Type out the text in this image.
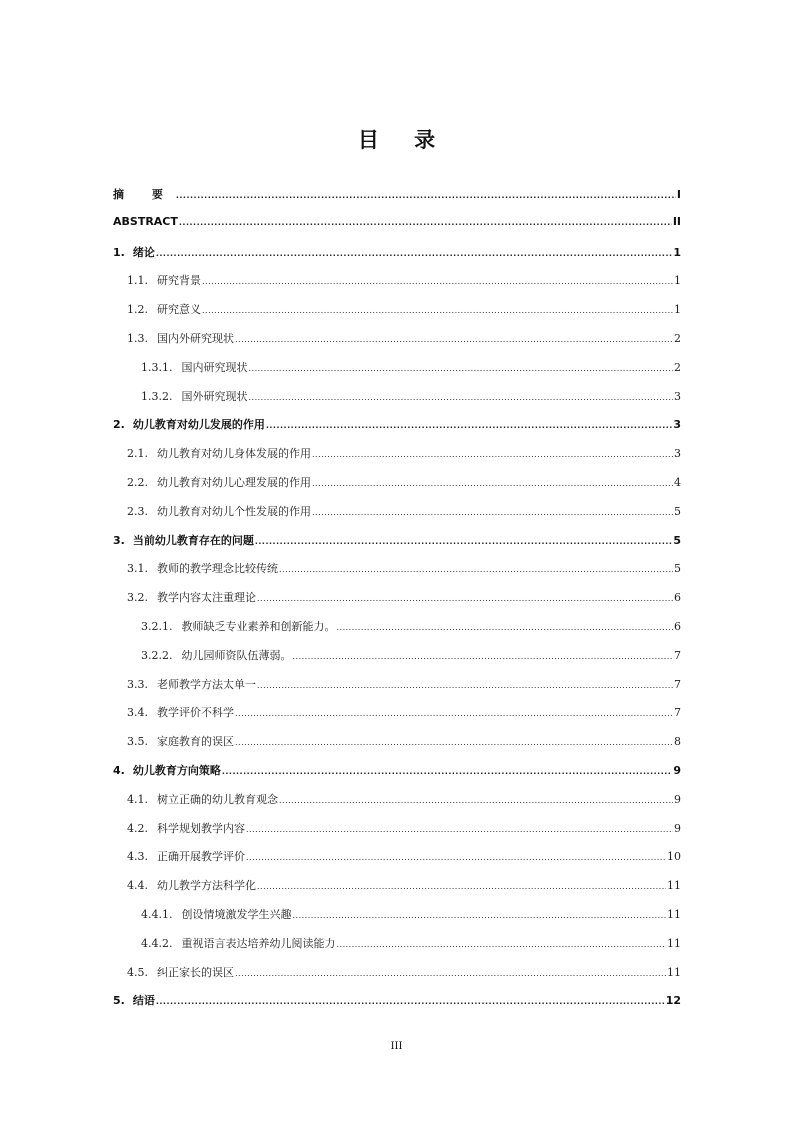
目 录
摘 要 .....	I
ABSTRACT .....	II
1. 绪论 .....	1
1.1. 研究背景 .....	1
1.2. 研究意义 .....	1
1.3. 国内外研究现状 .....	2
1.3.1. 国内研究现状 .....	2
1.3.2. 国外研究现状 .....	3
2. 幼儿教育对幼儿发展的作用 .....	3
2.1. 幼儿教育对幼儿身体发展的作用 .....	3
2.2. 幼儿教育对幼儿心理发展的作用 .....	4
2.3. 幼儿教育对幼儿个性发展的作用 .....	5
3. 当前幼儿教育存在的问题 .....	5
3.1. 教师的教学理念比较传统 .....	5
3.2. 教学内容太注重理论 .....	6
3.2.1. 教师缺乏专业素养和创新能力。 .....	6
3.2.2. 幼儿园师资队伍薄弱。 .....	7
3.3. 老师教学方法太单一 .....	7
3.4. 教学评价不科学 .....	7
3.5. 家庭教育的误区 .....	8
4. 幼儿教育方向策略 .....	9
4.1. 树立正确的幼儿教育观念 .....	9
4.2. 科学规划教学内容 .....	9
4.3. 正确开展教学评价 .....	10
4.4. 幼儿教学方法科学化 .....	11
4.4.1. 创设情境激发学生兴趣 .....	11
4.4.2. 重视语言表达培养幼儿阅读能力 .....	11
4.5. 纠正家长的误区 .....	11
5. 结语 .....	12
III
